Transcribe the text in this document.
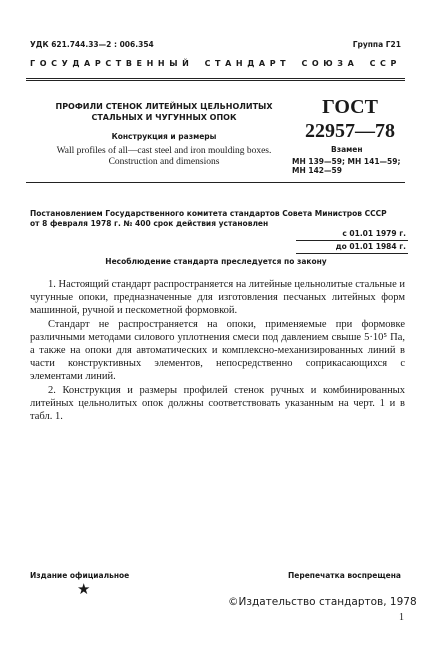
УДК 621.744.33—2 : 006.354	Группа Г21
ГОСУДАРСТВЕННЫЙ СТАНДАРТ СОЮЗА ССР
ПРОФИЛИ СТЕНОК ЛИТЕЙНЫХ ЦЕЛЬНОЛИТЫХ
СТАЛЬНЫХ И ЧУГУННЫХ ОПОК
Конструкция и размеры
Wall profiles of all—cast steel and iron moulding boxes.
Construction and dimensions
ГОСТ
22957—78
Взамен
МН 139—59; МН 141—59;
МН 142—59
Постановлением Государственного комитета стандартов Совета Министров СССР
от 8 февраля 1978 г. № 400 срок действия установлен
с 01.01 1979 г.
до 01.01 1984 г.
Несоблюдение стандарта преследуется по закону

1. Настоящий стандарт распространяется на литейные цельнолитые стальные и чугунные опоки, предназначенные для изготовления песчаных литейных форм машинной, ручной и пескометной формовкой.

Стандарт не распространяется на опоки, применяемые при формовке различными методами силового уплотнения смеси под давлением свыше 5·10⁵ Па, а также на опоки для автоматических и комплексно-механизированных линий в части конструктивных элементов, непосредственно соприкасающихся с элементами линий.

2. Конструкция и размеры профилей стенок ручных и комбинированных литейных цельнолитых опок должны соответствовать указанным на черт. 1 и в табл. 1.

Издание официальное	Перепечатка воспрещена
★
©Издательство стандартов, 1978
1
